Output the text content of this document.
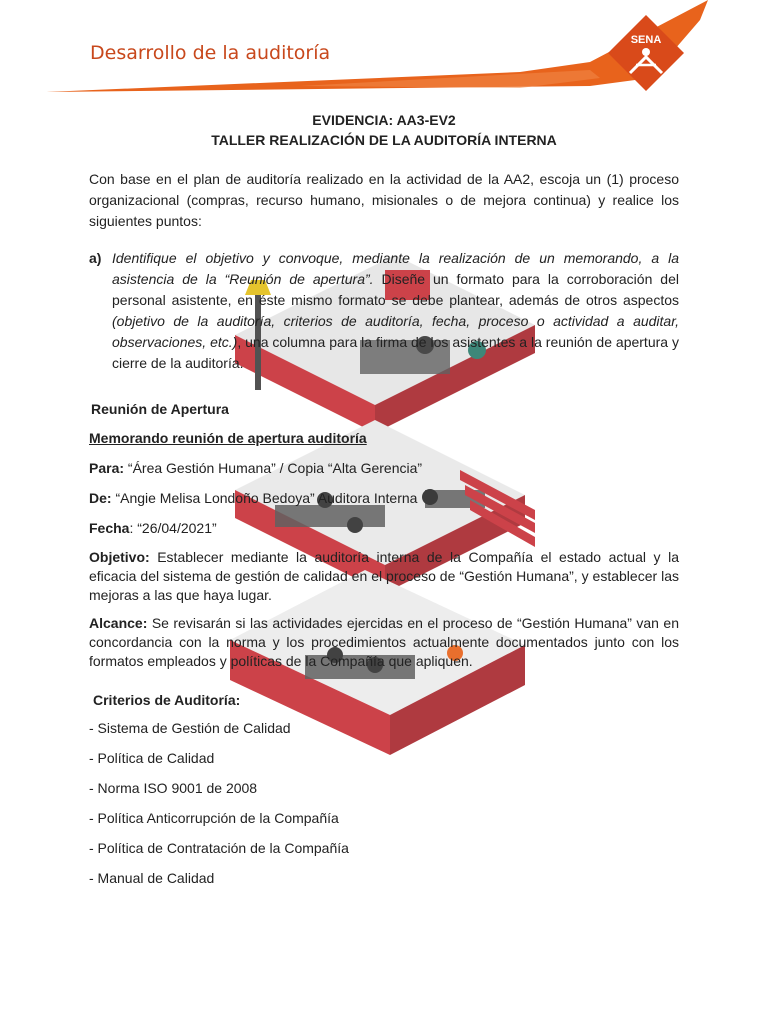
Desarrollo de la auditoría
SENA

EVIDENCIA: AA3-EV2

TALLER REALIZACIÓN DE LA AUDITORÍA INTERNA

Con base en el plan de auditoría realizado en la actividad de la AA2, escoja un (1) proceso organizacional (compras, recurso humano, misionales o de mejora continua) y realice los siguientes puntos:

a) Identifique el objetivo y convoque, mediante la realización de un memorando, a la asistencia de la “Reunión de apertura”. Diseñe un formato para la corroboración del personal asistente, en éste mismo formato se debe plantear, además de otros aspectos (objetivo de la auditoría, criterios de auditoría, fecha, proceso o actividad a auditar, observaciones, etc.), una columna para la firma de los asistentes a la reunión de apertura y cierre de la auditoría.

Reunión de Apertura

Memorando reunión de apertura auditoría

Para: “Área Gestión Humana” / Copia “Alta Gerencia”

De: “Angie Melisa Londoño Bedoya” Auditora Interna

Fecha: “26/04/2021”

Objetivo: Establecer mediante la auditoría interna de la Compañía el estado actual y la eficacia del sistema de gestión de calidad en el proceso de “Gestión Humana”, y establecer las mejoras a las que haya lugar.

Alcance: Se revisarán si las actividades ejercidas en el proceso de “Gestión Humana” van en concordancia con la norma y los procedimientos actualmente documentados junto con los formatos empleados y políticas de la Compañía que apliquen.

Criterios de Auditoría:

- Sistema de Gestión de Calidad
- Política de Calidad
- Norma ISO 9001 de 2008
- Política Anticorrupción de la Compañía
- Política de Contratación de la Compañía
- Manual de Calidad
